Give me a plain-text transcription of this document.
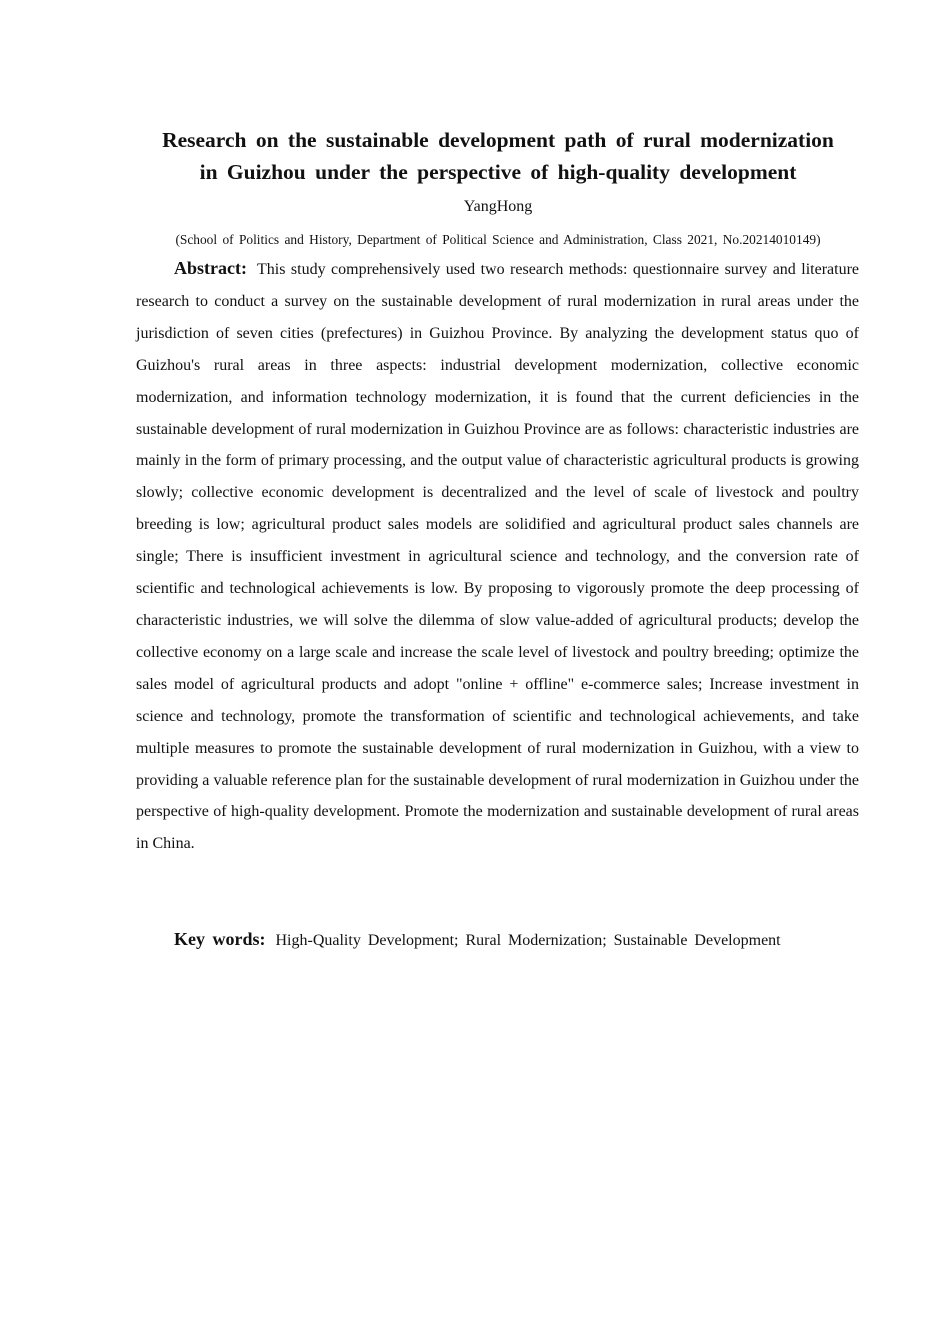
Research on the sustainable development path of rural modernization
in Guizhou under the perspective of high-quality development

YangHong

(School of Politics and History, Department of Political Science and Administration, Class 2021, No.20214010149)

Abstract: This study comprehensively used two research methods: questionnaire survey and literature research to conduct a survey on the sustainable development of rural modernization in rural areas under the jurisdiction of seven cities (prefectures) in Guizhou Province. By analyzing the development status quo of Guizhou's rural areas in three aspects: industrial development modernization, collective economic modernization, and information technology modernization, it is found that the current deficiencies in the sustainable development of rural modernization in Guizhou Province are as follows: characteristic industries are mainly in the form of primary processing, and the output value of characteristic agricultural products is growing slowly; collective economic development is decentralized and the level of scale of livestock and poultry breeding is low; agricultural product sales models are solidified and agricultural product sales channels are single; There is insufficient investment in agricultural science and technology, and the conversion rate of scientific and technological achievements is low. By proposing to vigorously promote the deep processing of characteristic industries, we will solve the dilemma of slow value-added of agricultural products; develop the collective economy on a large scale and increase the scale level of livestock and poultry breeding; optimize the sales model of agricultural products and adopt "online + offline" e-commerce sales; Increase investment in science and technology, promote the transformation of scientific and technological achievements, and take multiple measures to promote the sustainable development of rural modernization in Guizhou, with a view to providing a valuable reference plan for the sustainable development of rural modernization in Guizhou under the perspective of high-quality development. Promote the modernization and sustainable development of rural areas in China.

Key words: High-Quality Development; Rural Modernization; Sustainable Development
